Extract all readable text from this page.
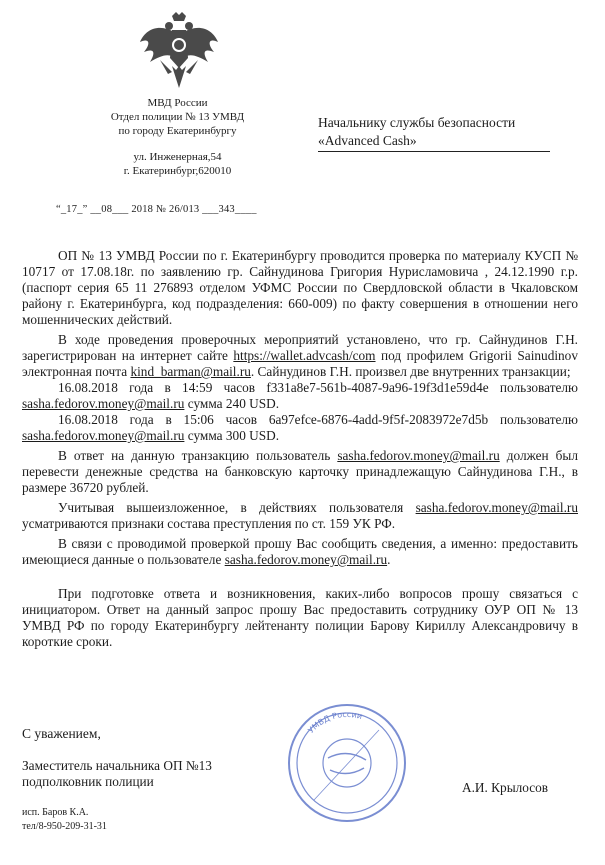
МВД России
Отдел полиции № 13 УМВД
по городу Екатеринбургу
ул. Инженерная,54
г. Екатеринбург,620010
“_17_” __08___ 2018 № 26/013 ___343____
Начальнику службы безопасности
«Advanced Cash»

ОП № 13 УМВД России по г. Екатеринбургу проводится проверка по материалу КУСП № 10717 от 17.08.18г. по заявлению гр. Сайнудинова Григория Нурисламовича , 24.12.1990 г.р. (паспорт серия 65 11 276893 отделом УФМС России по Свердловской области в Чкаловском району г. Екатеринбурга, код подразделения: 660-009) по факту совершения в отношении него мошеннических действий.

В ходе проведения проверочных мероприятий установлено, что гр. Сайнудинов Г.Н. зарегистрирован на интернет сайте https://wallet.advcash/com под профилем Grigorii Sainudinov электронная почта kind_barman@mail.ru. Сайнудинов Г.Н. произвел две внутренних транзакции;

16.08.2018 года в 14:59 часов f331a8e7-561b-4087-9a96-19f3d1e59d4e пользователю sasha.fedorov.money@mail.ru сумма 240 USD.

16.08.2018 года в 15:06 часов 6a97efce-6876-4add-9f5f-2083972e7d5b пользователю sasha.fedorov.money@mail.ru сумма 300 USD.

В ответ на данную транзакцию пользователь sasha.fedorov.money@mail.ru должен был перевести денежные средства на банковскую карточку принадлежащую Сайнудинова Г.Н., в размере 36720 рублей.

Учитывая вышеизложенное, в действиях пользователя sasha.fedorov.money@mail.ru усматриваются признаки состава преступления по ст. 159 УК РФ.

В связи с проводимой проверкой прошу Вас сообщить сведения, а именно: предоставить имеющиеся данные о пользователе sasha.fedorov.money@mail.ru.

При подготовке ответа и возникновения, каких-либо вопросов прошу связаться с инициатором. Ответ на данный запрос прошу Вас предоставить сотруднику ОУР ОП № 13 УМВД РФ по городу Екатеринбургу лейтенанту полиции Барову Кириллу Александровичу в короткие сроки.

С уважением,
Заместитель начальника ОП №13
подполковник полиции	А.И. Крылосов
исп. Баров К.А.
тел/8-950-209-31-31
УМВД России
